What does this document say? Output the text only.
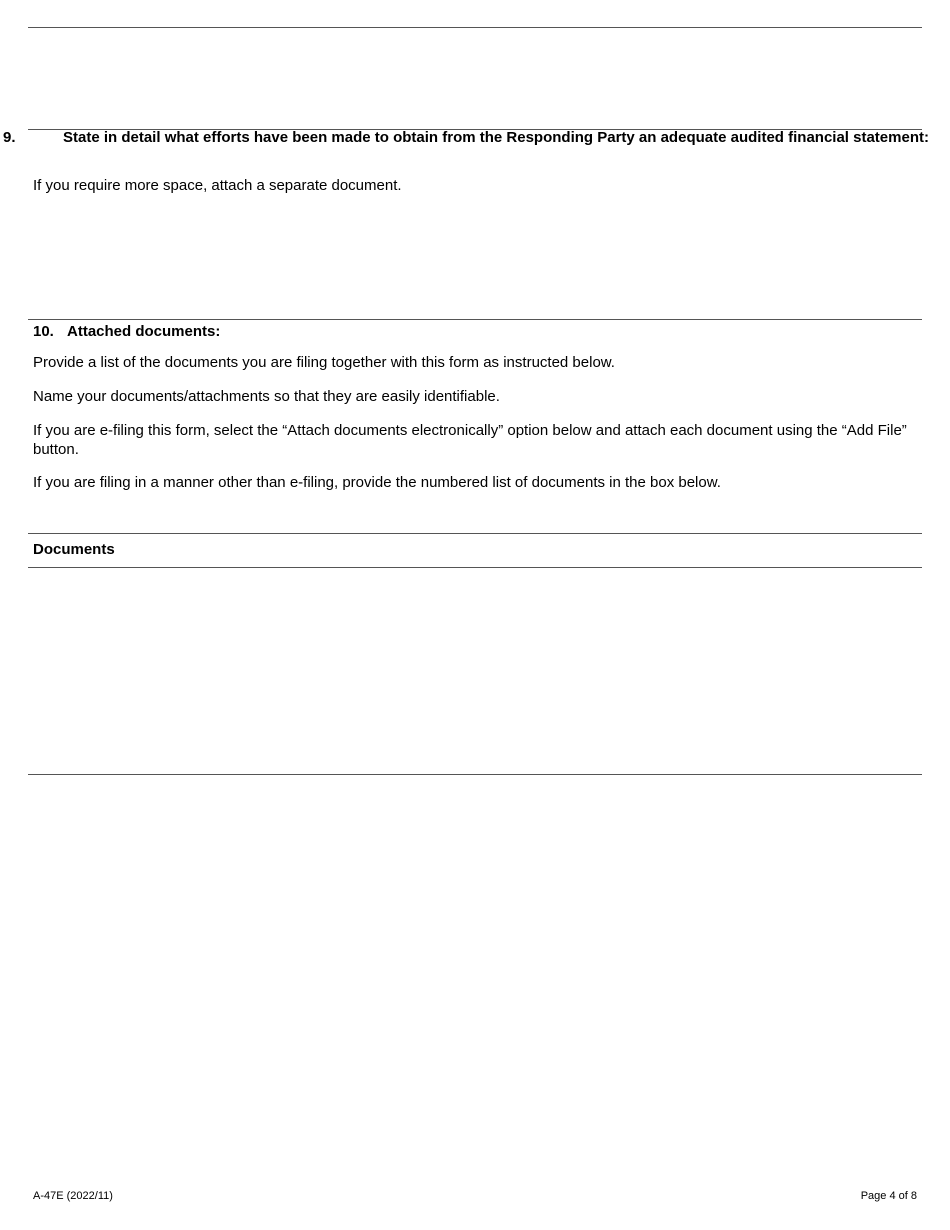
9.	State in detail what efforts have been made to obtain from the Responding Party an adequate audited financial statement:

If you require more space, attach a separate document.

10. Attached documents:

Provide a list of the documents you are filing together with this form as instructed below.

Name your documents/attachments so that they are easily identifiable.

If you are e-filing this form, select the “Attach documents electronically” option below and attach each document using the “Add File” button.

If you are filing in a manner other than e-filing, provide the numbered list of documents in the box below.

Documents

A-47E (2022/11)	Page 4 of 8
